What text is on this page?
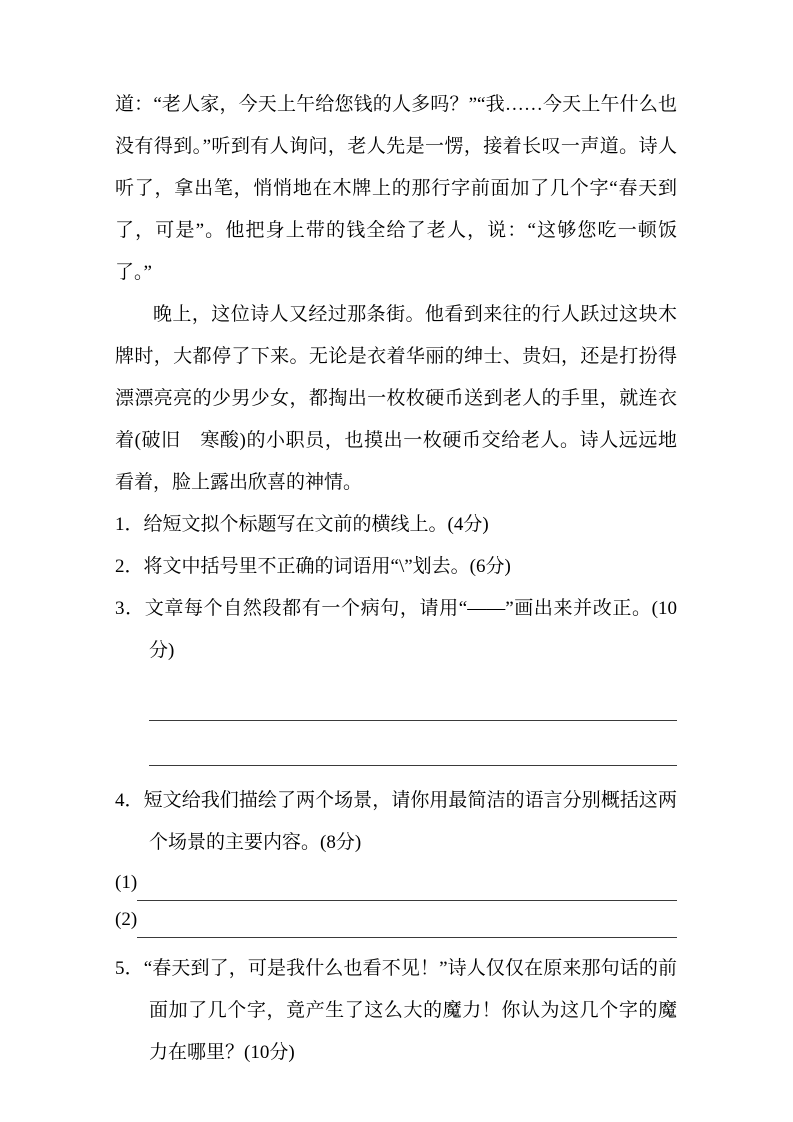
道：“老人家，今天上午给您钱的人多吗？”“我……今天上午什么也没有得到。”听到有人询问，老人先是一愣，接着长叹一声道。诗人听了，拿出笔，悄悄地在木牌上的那行字前面加了几个字“春天到了，可是”。他把身上带的钱全给了老人，说：“这够您吃一顿饭了。”

晚上，这位诗人又经过那条街。他看到来往的行人跃过这块木牌时，大都停了下来。无论是衣着华丽的绅士、贵妇，还是打扮得漂漂亮亮的少男少女，都掏出一枚枚硬币送到老人的手里，就连衣着(破旧　寒酸)的小职员，也摸出一枚硬币交给老人。诗人远远地看着，脸上露出欣喜的神情。

1．给短文拟个标题写在文前的横线上。(4分)

2．将文中括号里不正确的词语用“\”划去。(6分)

3．文章每个自然段都有一个病句，请用“——”画出来并改正。(10分)

4．短文给我们描绘了两个场景，请你用最简洁的语言分别概括这两个场景的主要内容。(8分)

(1)
(2)

5．“春天到了，可是我什么也看不见！”诗人仅仅在原来那句话的前面加了几个字，竟产生了这么大的魔力！你认为这几个字的魔力在哪里？(10分)
